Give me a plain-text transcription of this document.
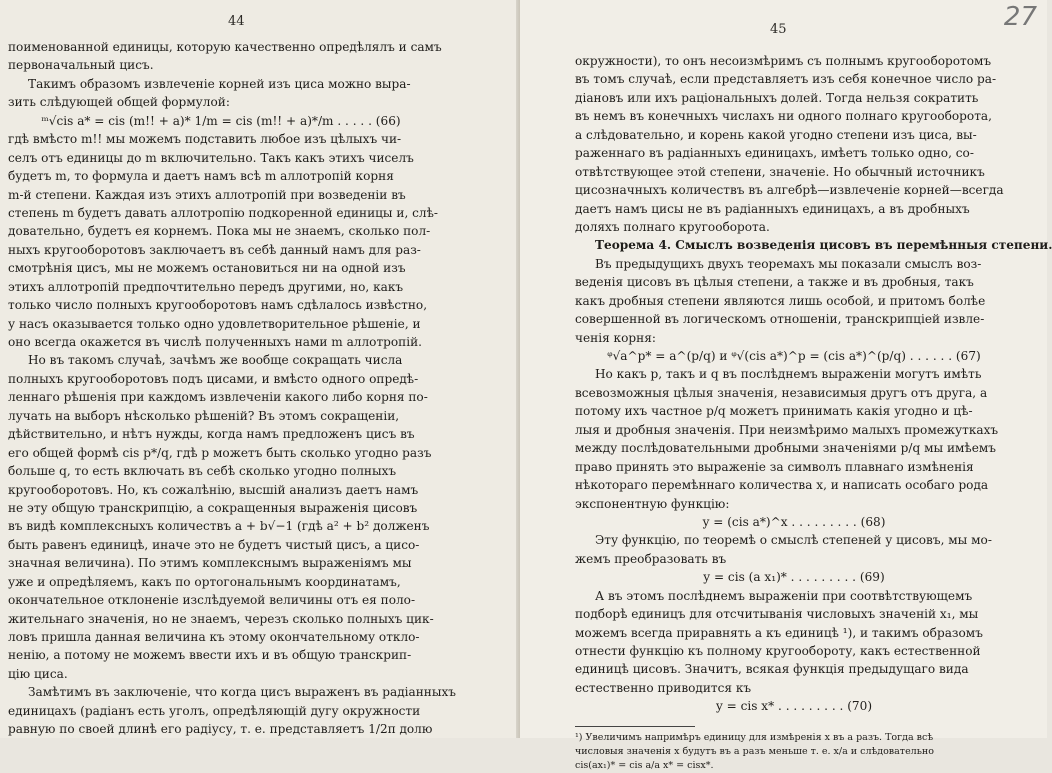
44
поименованной единицы, которую качественно опредѣлялъ и самъ
первоначальный цисъ.
Такимъ образомъ извлеченіе корней изъ циса можно выра-
зить слѣдующей общей формулой:
ᵐ√cis a* = cis (m!! + a)* 1/m = cis (m!! + a)*/m . . . . . (66)
гдѣ вмѣсто m!! мы можемъ подставить любое изъ цѣлыхъ чи-
селъ отъ единицы до m включительно. Такъ какъ этихъ чиселъ
будетъ m, то формула и даетъ намъ всѣ m аллотропій корня
m-й степени. Каждая изъ этихъ аллотропій при возведеніи въ
степень m будетъ давать аллотропію подкоренной единицы и, слѣ-
довательно, будетъ ея корнемъ. Пока мы не знаемъ, сколько пол-
ныхъ кругооборотовъ заключаетъ въ себѣ данный намъ для раз-
смотрѣнія цисъ, мы не можемъ остановиться ни на одной изъ
этихъ аллотропій предпочтительно передъ другими, но, какъ
только число полныхъ кругооборотовъ намъ сдѣлалось извѣстно,
у насъ оказывается только одно удовлетворительное рѣшеніе, и
оно всегда окажется въ числѣ полученныхъ нами m аллотропій.
Но въ такомъ случаѣ, зачѣмъ же вообще сокращать числа
полныхъ кругооборотовъ подъ цисами, и вмѣсто одного опредѣ-
леннаго рѣшенія при каждомъ извлеченіи какого либо корня по-
лучать на выборъ нѣсколько рѣшеній? Въ этомъ сокращеніи,
дѣйствительно, и нѣтъ нужды, когда намъ предложенъ цисъ въ
его общей формѣ cis p*/q, гдѣ p можетъ быть сколько угодно разъ
больше q, то есть включать въ себѣ сколько угодно полныхъ
кругооборотовъ. Но, къ сожалѣнію, высшій анализъ даетъ намъ
не эту общую транскрипцію, а сокращенныя выраженія цисовъ
въ видѣ комплексныхъ количествъ a + b√−1 (гдѣ a² + b² долженъ
быть равенъ единицѣ, иначе это не будетъ чистый цисъ, а цисо-
значная величина). По этимъ комплекснымъ выраженіямъ мы
уже и опредѣляемъ, какъ по ортогональнымъ координатамъ,
окончательное отклоненіе изслѣдуемой величины отъ ея поло-
жительнаго значенія, но не знаемъ, черезъ сколько полныхъ цик-
ловъ пришла данная величина къ этому окончательному откло-
ненію, а потому не можемъ ввести ихъ и въ общую транскрип-
цію циса.
Замѣтимъ въ заключеніе, что когда цисъ выраженъ въ радіанныхъ
единицахъ (радіанъ есть уголъ, опредѣляющій дугу окружности
равную по своей длинѣ его радіусу, т. е. представляетъ 1/2π долю
45	27
окружности), то онъ несоизмѣримъ съ полнымъ кругооборотомъ
въ томъ случаѣ, если представляетъ изъ себя конечное число ра-
діановъ или ихъ раціональныхъ долей. Тогда нельзя сократить
въ немъ въ конечныхъ числахъ ни одного полнаго кругооборота,
а слѣдовательно, и корень какой угодно степени изъ циса, вы-
раженнаго въ радіанныхъ единицахъ, имѣетъ только одно, со-
отвѣтствующее этой степени, значеніе. Но обычный источникъ
цисозначныхъ количествъ въ алгебрѣ—извлеченіе корней—всегда
даетъ намъ цисы не въ радіанныхъ единицахъ, а въ дробныхъ
доляхъ полнаго кругооборота.
Теорема 4. Смыслъ возведенія цисовъ въ перемѣнныя степени.
Въ предыдущихъ двухъ теоремахъ мы показали смыслъ воз-
веденія цисовъ въ цѣлыя степени, а также и въ дробныя, такъ
какъ дробныя степени являются лишь особой, и притомъ болѣе
совершенной въ логическомъ отношеніи, транскрипціей извле-
ченія корня:
ᵠ√a^p* = a^(p/q) и ᵠ√(cis a*)^p = (cis a*)^(p/q) . . . . . . (67)
Но какъ p, такъ и q въ послѣднемъ выраженіи могутъ имѣть
всевозможныя цѣлыя значенія, независимыя другъ отъ друга, а
потому ихъ частное p/q можетъ принимать какія угодно и цѣ-
лыя и дробныя значенія. При неизмѣримо малыхъ промежуткахъ
между послѣдовательными дробными значеніями p/q мы имѣемъ
право принять это выраженіе за символъ плавнаго измѣненія
нѣкотораго перемѣннаго количества x, и написать особаго рода
экспонентную функцію:
y = (cis a*)^x . . . . . . . . . (68)
Эту функцію, по теоремѣ о смыслѣ степеней у цисовъ, мы мо-
жемъ преобразовать въ
y = cis (a x₁)* . . . . . . . . . (69)
А въ этомъ послѣднемъ выраженіи при соотвѣтствующемъ
подборѣ единицъ для отсчитыванія числовыхъ значеній x₁, мы
можемъ всегда приравнять a къ единицѣ ¹), и такимъ образомъ
отнести функцію къ полному кругообороту, какъ естественной
единицѣ цисовъ. Значитъ, всякая функція предыдущаго вида
естественно приводится къ
y = cis x* . . . . . . . . . (70)
¹) Увеличимъ напримѣръ единицу для измѣренія x въ a разъ. Тогда всѣ
числовыя значенія x будутъ въ a разъ меньше т. е. x/a и слѣдовательно
cis(ax₁)* = cis a/a x* = cisx*.
